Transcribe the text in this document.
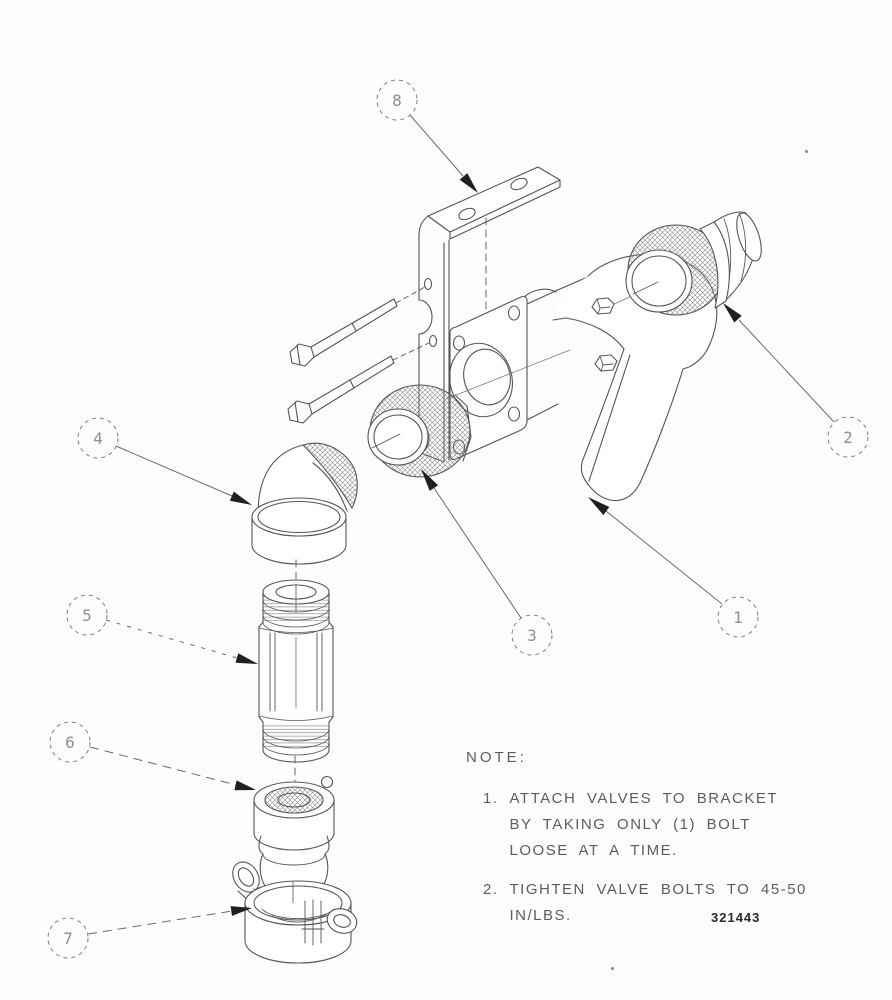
8
2
4
5
6
7
3
1
NOTE:
1. ATTACH VALVES TO BRACKET
BY TAKING ONLY (1) BOLT
LOOSE AT A TIME.
2. TIGHTEN VALVE BOLTS TO 45-50 IN/LBS.	321443
